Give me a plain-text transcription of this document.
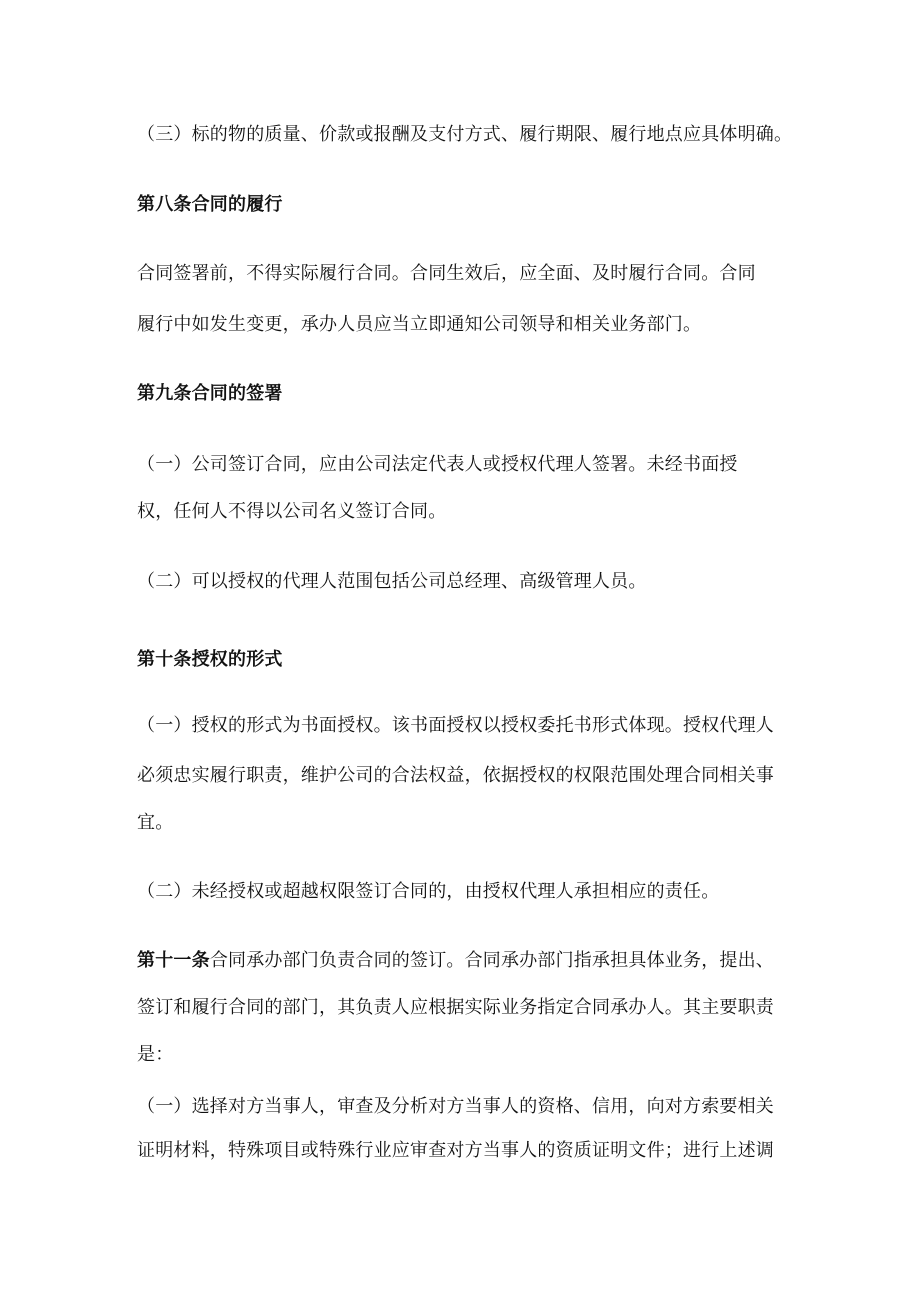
（三）标的物的质量、价款或报酬及支付方式、履行期限、履行地点应具体明确。
第八条合同的履行
合同签署前，不得实际履行合同。合同生效后，应全面、及时履行合同。合同
履行中如发生变更，承办人员应当立即通知公司领导和相关业务部门。
第九条合同的签署
（一）公司签订合同，应由公司法定代表人或授权代理人签署。未经书面授
权，任何人不得以公司名义签订合同。
（二）可以授权的代理人范围包括公司总经理、高级管理人员。
第十条授权的形式
（一）授权的形式为书面授权。该书面授权以授权委托书形式体现。授权代理人
必须忠实履行职责，维护公司的合法权益，依据授权的权限范围处理合同相关事
宜。
（二）未经授权或超越权限签订合同的，由授权代理人承担相应的责任。
第十一条合同承办部门负责合同的签订。合同承办部门指承担具体业务，提出、
签订和履行合同的部门，其负责人应根据实际业务指定合同承办人。其主要职责
是：
（一）选择对方当事人，审查及分析对方当事人的资格、信用，向对方索要相关
证明材料，特殊项目或特殊行业应审查对方当事人的资质证明文件；进行上述调
